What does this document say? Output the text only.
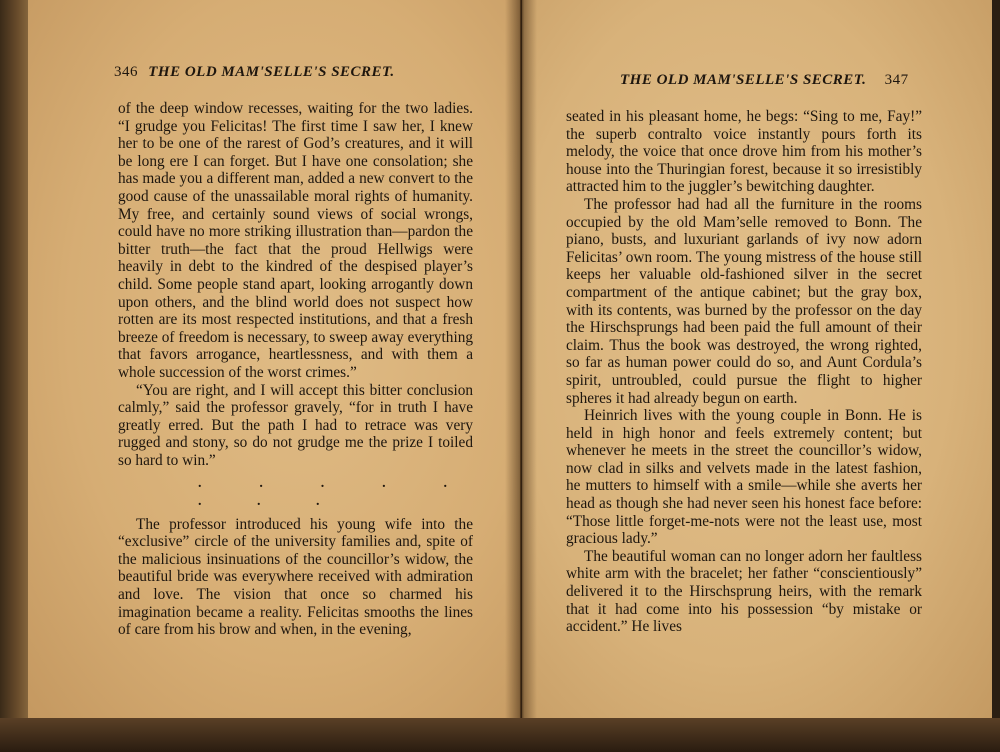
346 THE OLD MAM'SELLE'S SECRET.

of the deep window recesses, waiting for the two ladies. “I grudge you Felicitas! The first time I saw her, I knew her to be one of the rarest of God’s creatures, and it will be long ere I can forget. But I have one consolation; she has made you a different man, added a new convert to the good cause of the unassailable moral rights of humanity. My free, and certainly sound views of social wrongs, could have no more striking illustration than—pardon the bitter truth—the fact that the proud Hellwigs were heavily in debt to the kindred of the despised player’s child. Some people stand apart, looking arrogantly down upon others, and the blind world does not suspect how rotten are its most respected institutions, and that a fresh breeze of freedom is necessary, to sweep away everything that favors arrogance, heartlessness, and with them a whole succession of the worst crimes.”

“You are right, and I will accept this bitter conclusion calmly,” said the professor gravely, “for in truth I have greatly erred. But the path I had to retrace was very rugged and stony, so do not grudge me the prize I toiled so hard to win.”

. . . . . . . .

The professor introduced his young wife into the “exclusive” circle of the university families and, spite of the malicious insinuations of the councillor’s widow, the beautiful bride was everywhere received with admiration and love. The vision that once so charmed his imagination became a reality. Felicitas smooths the lines of care from his brow and when, in the evening,

THE OLD MAM'SELLE'S SECRET. 347

seated in his pleasant home, he begs: “Sing to me, Fay!” the superb contralto voice instantly pours forth its melody, the voice that once drove him from his mother’s house into the Thuringian forest, because it so irresistibly attracted him to the juggler’s bewitching daughter.

The professor had had all the furniture in the rooms occupied by the old Mam’selle removed to Bonn. The piano, busts, and luxuriant garlands of ivy now adorn Felicitas’ own room. The young mistress of the house still keeps her valuable old-fashioned silver in the secret compartment of the antique cabinet; but the gray box, with its contents, was burned by the professor on the day the Hirschsprungs had been paid the full amount of their claim. Thus the book was destroyed, the wrong righted, so far as human power could do so, and Aunt Cordula’s spirit, untroubled, could pursue the flight to higher spheres it had already begun on earth.

Heinrich lives with the young couple in Bonn. He is held in high honor and feels extremely content; but whenever he meets in the street the councillor’s widow, now clad in silks and velvets made in the latest fashion, he mutters to himself with a smile—while she averts her head as though she had never seen his honest face before: “Those little forget-me-nots were not the least use, most gracious lady.”

The beautiful woman can no longer adorn her faultless white arm with the bracelet; her father “conscientiously” delivered it to the Hirschsprung heirs, with the remark that it had come into his possession “by mistake or accident.” He lives
